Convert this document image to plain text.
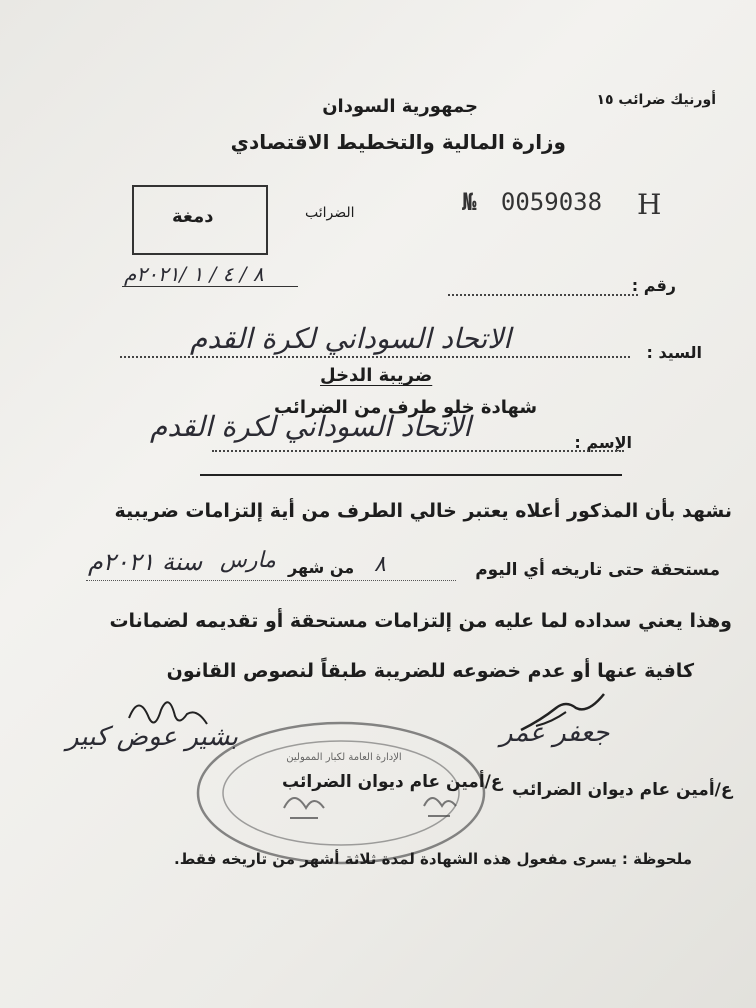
أورنيك ضرائب ١٥
جمهورية السودان
وزارة المالية والتخطيط الاقتصادي
دمغة	الضرائب	№ 0059038 H
رقم :
٨ / ٤ / ١ /٢٠٢١م
السيد :
الاتحاد السوداني لكرة القدم
ضريبة الدخل
شهادة خلو طرف من الضرائب
الإسم :
الاتحاد السوداني لكرة القدم
نشهد بأن المذكور أعلاه يعتبر خالي الطرف من أية إلتزامات ضريبية
مستحقة حتى تاريخه أي اليوم
٨
من شهر
مارس
سنة ٢٠٢١م
وهذا يعني سداده لما عليه من إلتزامات مستحقة أو تقديمه لضمانات
كافية عنها أو عدم خضوعه للضريبة طبقاً لنصوص القانون
الإدارة العامة لكبار الممولين
جعفر عمر
بشير عوض كبير
ع/أمين عام ديوان الضرائب ع/أمين عام ديوان الضرائب
ملحوظة : يسرى مفعول هذه الشهادة لمدة ثلاثة أشهر من تاريخه فقط.
